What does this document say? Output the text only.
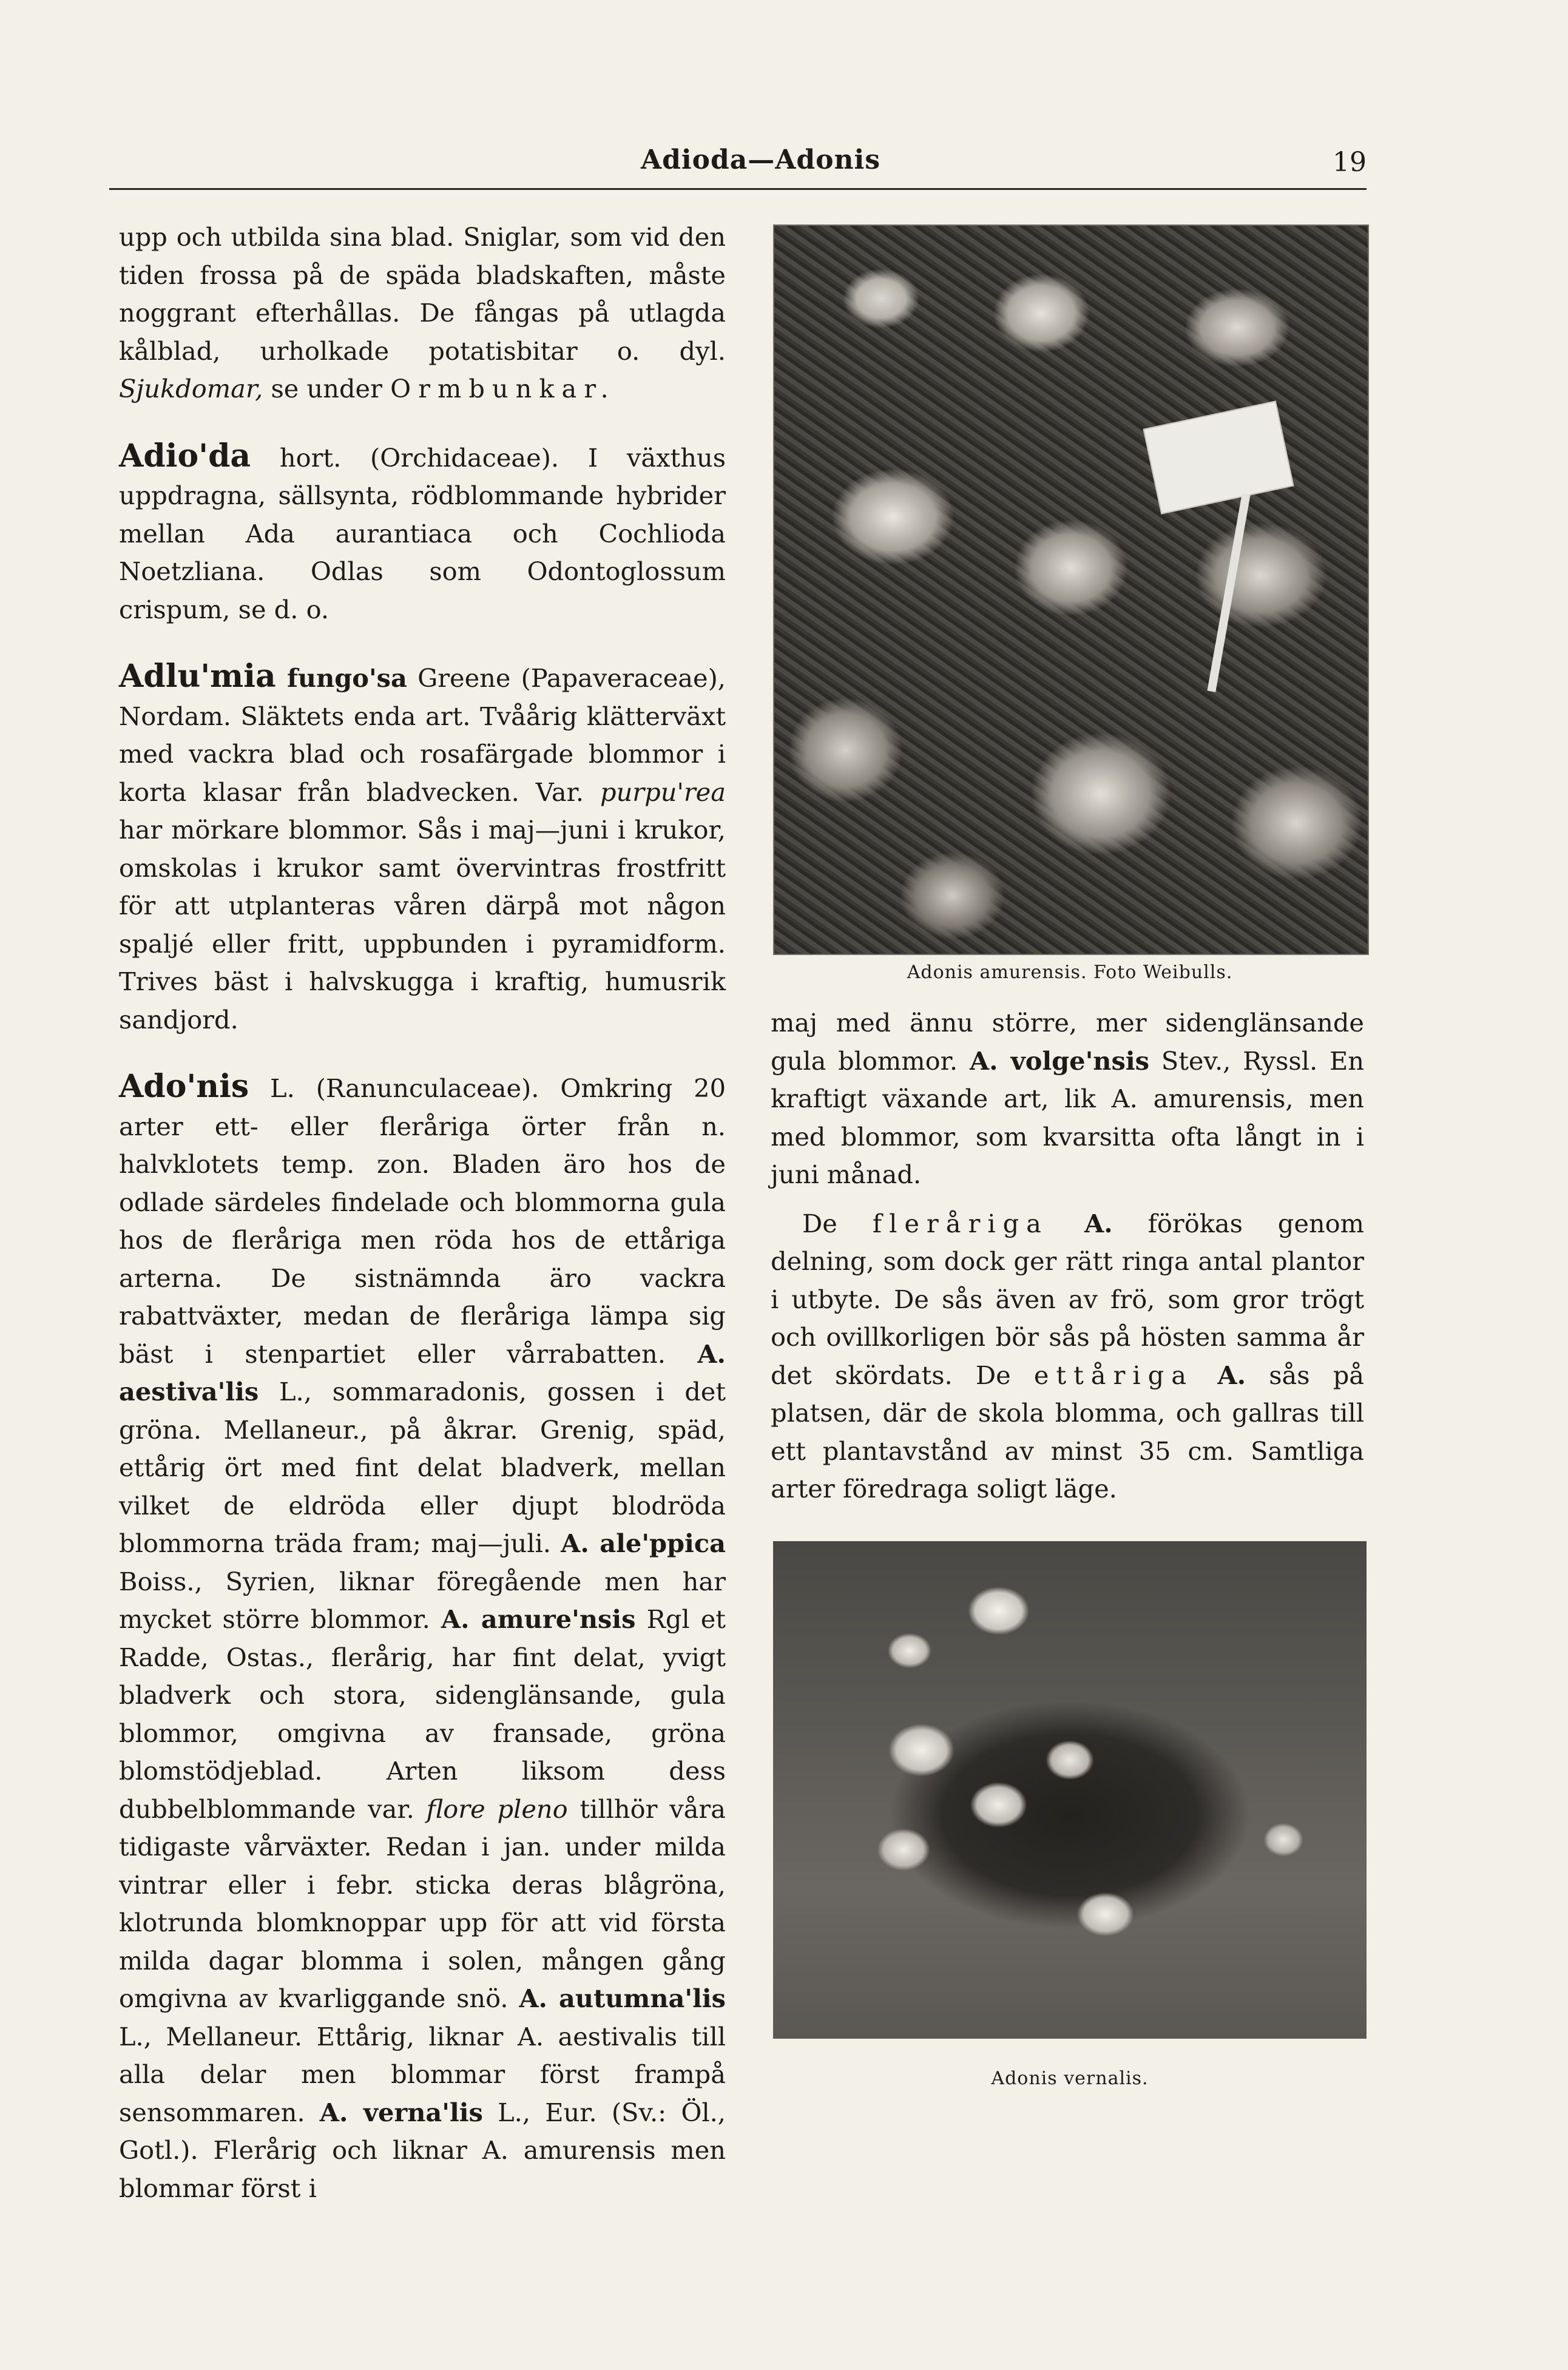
Adioda—Adonis	19

upp och utbilda sina blad. Sniglar, som vid den tiden frossa på de späda bladskaften, måste noggrant efterhållas. De fångas på utlagda kålblad, urholkade potatisbitar o. dyl. Sjukdomar, se under Ormbunkar.

Adio'da hort. (Orchidaceae). I växthus uppdragna, sällsynta, rödblommande hybrider mellan Ada aurantiaca och Cochlioda Noetzliana. Odlas som Odontoglossum crispum, se d. o.

Adlu'mia fungo'sa Greene (Papaveraceae), Nordam. Släktets enda art. Tvåårig klätterväxt med vackra blad och rosafärgade blommor i korta klasar från bladvecken. Var. purpu'rea har mörkare blommor. Sås i maj—juni i krukor, omskolas i krukor samt övervintras frostfritt för att utplanteras våren därpå mot någon spaljé eller fritt, uppbunden i pyramidform. Trives bäst i halvskugga i kraftig, humusrik sandjord.

Ado'nis L. (Ranunculaceae). Omkring 20 arter ett- eller fleråriga örter från n. halvklotets temp. zon. Bladen äro hos de odlade särdeles findelade och blommorna gula hos de fleråriga men röda hos de ettåriga arterna. De sistnämnda äro vackra rabattväxter, medan de fleråriga lämpa sig bäst i stenpartiet eller vårrabatten. A. aestiva'lis L., sommaradonis, gossen i det gröna. Mellaneur., på åkrar. Grenig, späd, ettårig ört med fint delat bladverk, mellan vilket de eldröda eller djupt blodröda blommorna träda fram; maj—juli. A. ale'ppica Boiss., Syrien, liknar föregående men har mycket större blommor. A. amure'nsis Rgl et Radde, Ostas., flerårig, har fint delat, yvigt bladverk och stora, sidenglänsande, gula blommor, omgivna av fransade, gröna blomstödjeblad. Arten liksom dess dubbelblommande var. flore pleno tillhör våra tidigaste vårväxter. Redan i jan. under milda vintrar eller i febr. sticka deras blågröna, klotrunda blomknoppar upp för att vid första milda dagar blomma i solen, mången gång omgivna av kvarliggande snö. A. autumna'lis L., Mellaneur. Ettårig, liknar A. aestivalis till alla delar men blommar först frampå sensommaren. A. verna'lis L., Eur. (Sv.: Öl., Gotl.). Flerårig och liknar A. amurensis men blommar först i

Adonis amurensis. Foto Weibulls.

maj med ännu större, mer sidenglänsande gula blommor. A. volge'nsis Stev., Ryssl. En kraftigt växande art, lik A. amurensis, men med blommor, som kvarsitta ofta långt in i juni månad.

De fleråriga A. förökas genom delning, som dock ger rätt ringa antal plantor i utbyte. De sås även av frö, som gror trögt och ovillkorligen bör sås på hösten samma år det skördats. De ettåriga A. sås på platsen, där de skola blomma, och gallras till ett plantavstånd av minst 35 cm. Samtliga arter föredraga soligt läge.

Adonis vernalis.
